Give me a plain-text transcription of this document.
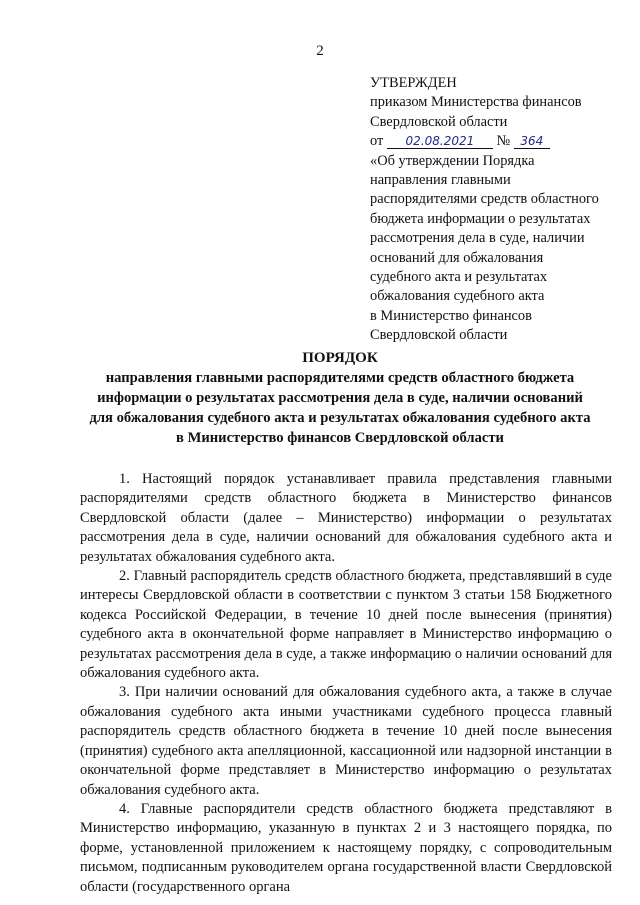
2
УТВЕРЖДЕН
приказом Министерства финансов
Свердловской области
от 02.08.2021 № 364
«Об утверждении Порядка
направления главными
распорядителями средств областного
бюджета информации о результатах
рассмотрения дела в суде, наличии
оснований для обжалования
судебного акта и результатах
обжалования судебного акта
в Министерство финансов
Свердловской области
ПОРЯДОК
направления главными распорядителями средств областного бюджета
информации о результатах рассмотрения дела в суде, наличии оснований
для обжалования судебного акта и результатах обжалования судебного акта
в Министерство финансов Свердловской области

1. Настоящий порядок устанавливает правила представления главными распорядителями средств областного бюджета в Министерство финансов Свердловской области (далее – Министерство) информации о результатах рассмотрения дела в суде, наличии оснований для обжалования судебного акта и результатах обжалования судебного акта.

2. Главный распорядитель средств областного бюджета, представлявший в суде интересы Свердловской области в соответствии с пунктом 3 статьи 158 Бюджетного кодекса Российской Федерации, в течение 10 дней после вынесения (принятия) судебного акта в окончательной форме направляет в Министерство информацию о результатах рассмотрения дела в суде, а также информацию о наличии оснований для обжалования судебного акта.

3. При наличии оснований для обжалования судебного акта, а также в случае обжалования судебного акта иными участниками судебного процесса главный распорядитель средств областного бюджета в течение 10 дней после вынесения (принятия) судебного акта апелляционной, кассационной или надзорной инстанции в окончательной форме представляет в Министерство информацию о результатах обжалования судебного акта.

4. Главные распорядители средств областного бюджета представляют в Министерство информацию, указанную в пунктах 2 и 3 настоящего порядка, по форме, установленной приложением к настоящему порядку, с сопроводительным письмом, подписанным руководителем органа государственной власти Свердловской области (государственного органа
